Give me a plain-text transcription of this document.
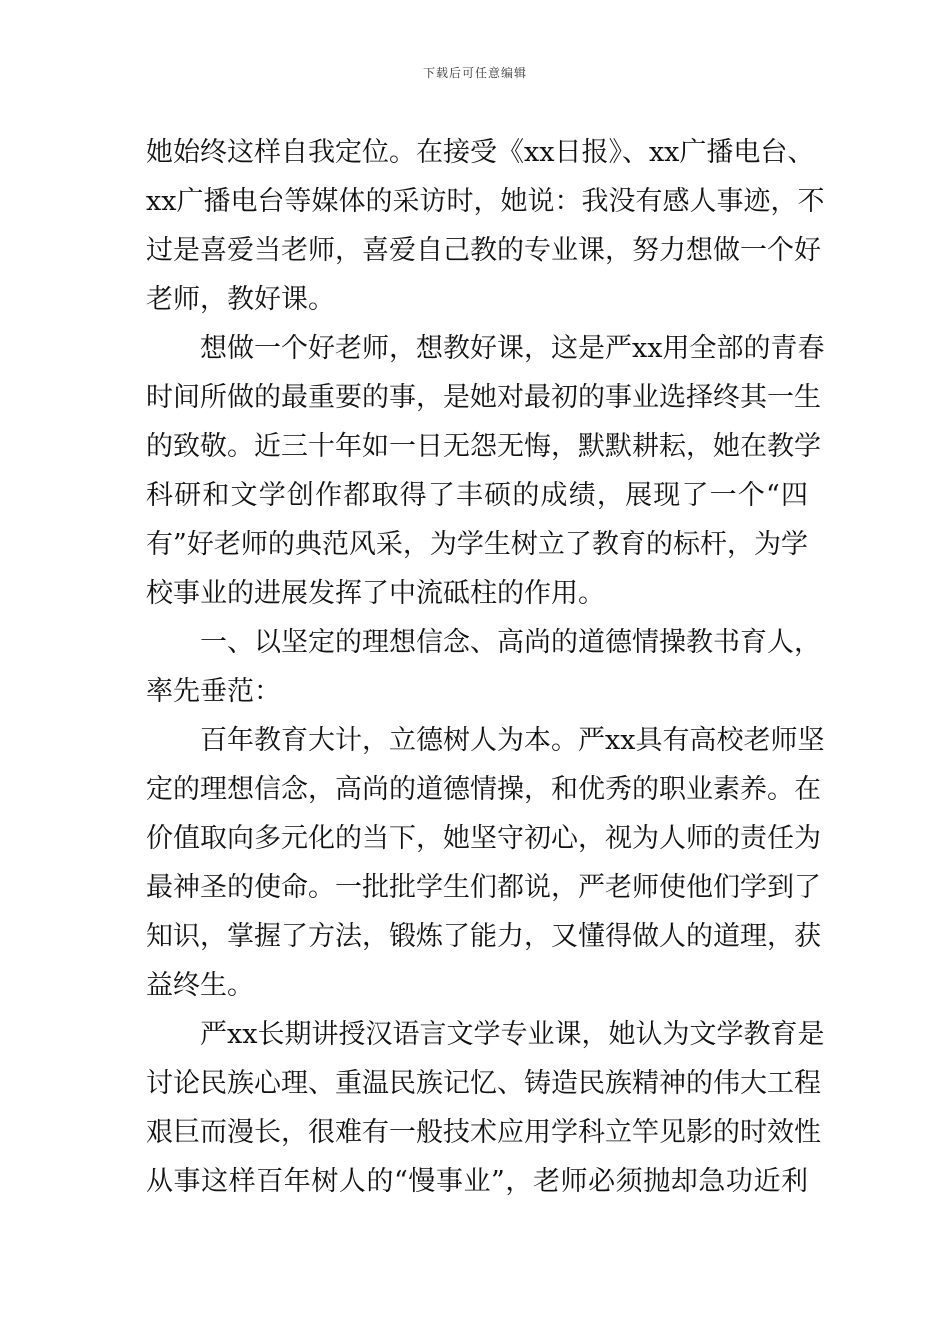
下载后可任意编辑
她始终这样自我定位。在接受《xx日报》、xx广播电台、
xx广播电台等媒体的采访时，她说：我没有感人事迹，不
过是喜爱当老师，喜爱自己教的专业课，努力想做一个好
老师，教好课。
想做一个好老师，想教好课，这是严xx用全部的青春
时间所做的最重要的事，是她对最初的事业选择终其一生
的致敬。近三十年如一日无怨无悔，默默耕耘，她在教学
科研和文学创作都取得了丰硕的成绩，展现了一个“四
有”好老师的典范风采，为学生树立了教育的标杆，为学
校事业的进展发挥了中流砥柱的作用。
一、以坚定的理想信念、高尚的道德情操教书育人，
率先垂范：
百年教育大计，立德树人为本。严xx具有高校老师坚
定的理想信念，高尚的道德情操，和优秀的职业素养。在
价值取向多元化的当下，她坚守初心，视为人师的责任为
最神圣的使命。一批批学生们都说，严老师使他们学到了
知识，掌握了方法，锻炼了能力，又懂得做人的道理，获
益终生。
严xx长期讲授汉语言文学专业课，她认为文学教育是
讨论民族心理、重温民族记忆、铸造民族精神的伟大工程
艰巨而漫长，很难有一般技术应用学科立竿见影的时效性
从事这样百年树人的“慢事业”，老师必须抛却急功近利
